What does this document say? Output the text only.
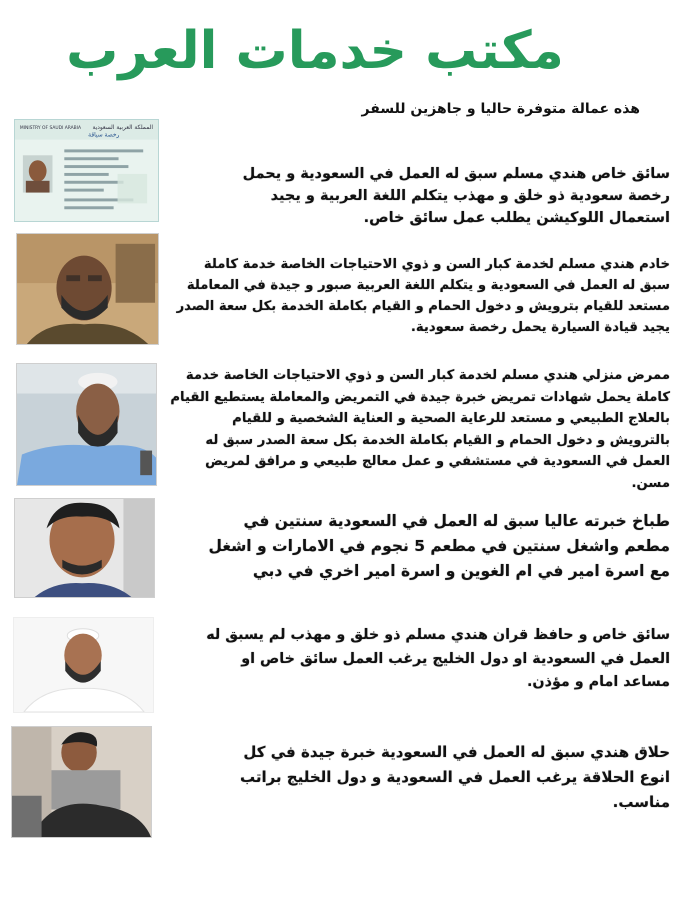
مكتب خدمات العرب
هذه عمالة متوفرة حاليا و جاهزين للسفر
MINISTRY OF SAUDI ARABIA المملكة العربية السعودية
رخصة سياقة
سائق خاص هندي مسلم سبق له العمل في السعودية و يحمل رخصة سعودية ذو خلق و مهذب يتكلم اللغة العربية و يجيد استعمال اللوكيشن يطلب عمل سائق خاص.
خادم هندي مسلم لخدمة كبار السن و ذوي الاحتياجات الخاصة خدمة كاملة سبق له العمل في السعودية و يتكلم اللغة العربية صبور و جيدة في المعاملة مستعد للقيام بترويش و دخول الحمام و القيام بكاملة الخدمة بكل سعة الصدر يجيد قيادة السيارة يحمل رخصة سعودية.
ممرض منزلي هندي مسلم لخدمة كبار السن و ذوي الاحتياجات الخاصة خدمة كاملة يحمل شهادات تمريض خبرة جيدة في التمريض والمعاملة يستطيع القيام بالعلاج الطبيعي و مستعد للرعاية الصحية و العناية الشخصية و للقيام بالترويش و دخول الحمام و القيام بكاملة الخدمة بكل سعة الصدر سبق له العمل في السعودية في مستشفي و عمل معالج طبيعي و مرافق لمريض مسن.
طباخ خبرته عاليا سبق له العمل في السعودية سنتين في مطعم واشغل سنتين في مطعم 5 نجوم في الامارات و اشغل مع اسرة امير في ام الغوين و اسرة امير اخري في دبي
سائق خاص و حافظ قران هندي مسلم ذو خلق و مهذب لم يسبق له العمل في السعودية او دول الخليج يرغب العمل سائق خاص او مساعد امام و مؤذن.
حلاق هندي سبق له العمل في السعودية خبرة جيدة في كل انوع الحلاقة يرغب العمل في السعودية و دول الخليج براتب مناسب.
